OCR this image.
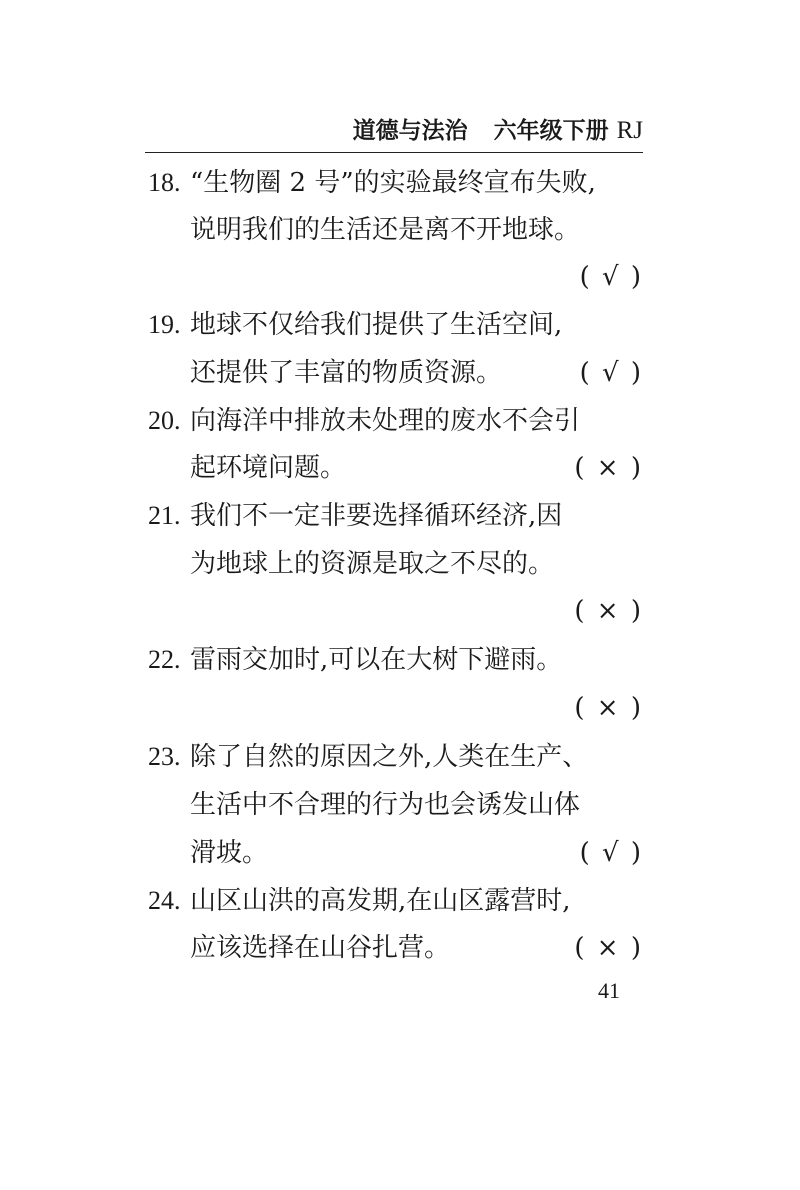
道德与法治 六年级下册 RJ
18. “生物圈 2 号”的实验最终宣布失败,
说明我们的生活还是离不开地球。
( √ )
19. 地球不仅给我们提供了生活空间,
还提供了丰富的物质资源。	( √ )
20. 向海洋中排放未处理的废水不会引
起环境问题。	( × )
21. 我们不一定非要选择循环经济,因
为地球上的资源是取之不尽的。
( × )
22. 雷雨交加时,可以在大树下避雨。
( × )
23. 除了自然的原因之外,人类在生产、
生活中不合理的行为也会诱发山体
滑坡。	( √ )
24. 山区山洪的高发期,在山区露营时,
应该选择在山谷扎营。	( × )
41
